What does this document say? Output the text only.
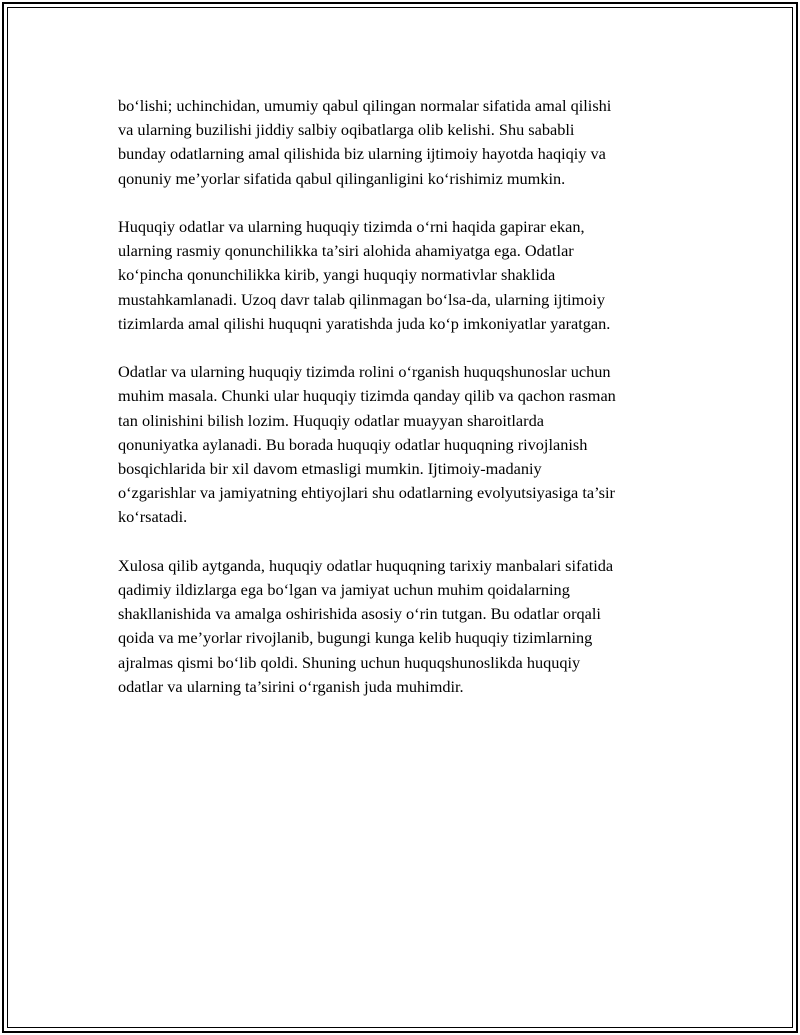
bo‘lishi; uchinchidan, umumiy qabul qilingan normalar sifatida amal qilishi
va ularning buzilishi jiddiy salbiy oqibatlarga olib kelishi. Shu sababli
bunday odatlarning amal qilishida biz ularning ijtimoiy hayotda haqiqiy va
qonuniy me’yorlar sifatida qabul qilinganligini ko‘rishimiz mumkin.

Huquqiy odatlar va ularning huquqiy tizimda o‘rni haqida gapirar ekan,
ularning rasmiy qonunchilikka ta’siri alohida ahamiyatga ega. Odatlar
ko‘pincha qonunchilikka kirib, yangi huquqiy normativlar shaklida
mustahkamlanadi. Uzoq davr talab qilinmagan bo‘lsa-da, ularning ijtimoiy
tizimlarda amal qilishi huquqni yaratishda juda ko‘p imkoniyatlar yaratgan.

Odatlar va ularning huquqiy tizimda rolini o‘rganish huquqshunoslar uchun
muhim masala. Chunki ular huquqiy tizimda qanday qilib va qachon rasman
tan olinishini bilish lozim. Huquqiy odatlar muayyan sharoitlarda
qonuniyatka aylanadi. Bu borada huquqiy odatlar huquqning rivojlanish
bosqichlarida bir xil davom etmasligi mumkin. Ijtimoiy-madaniy
o‘zgarishlar va jamiyatning ehtiyojlari shu odatlarning evolyutsiyasiga ta’sir
ko‘rsatadi.

Xulosa qilib aytganda, huquqiy odatlar huquqning tarixiy manbalari sifatida
qadimiy ildizlarga ega bo‘lgan va jamiyat uchun muhim qoidalarning
shakllanishida va amalga oshirishida asosiy o‘rin tutgan. Bu odatlar orqali
qoida va me’yorlar rivojlanib, bugungi kunga kelib huquqiy tizimlarning
ajralmas qismi bo‘lib qoldi. Shuning uchun huquqshunoslikda huquqiy
odatlar va ularning ta’sirini o‘rganish juda muhimdir.
